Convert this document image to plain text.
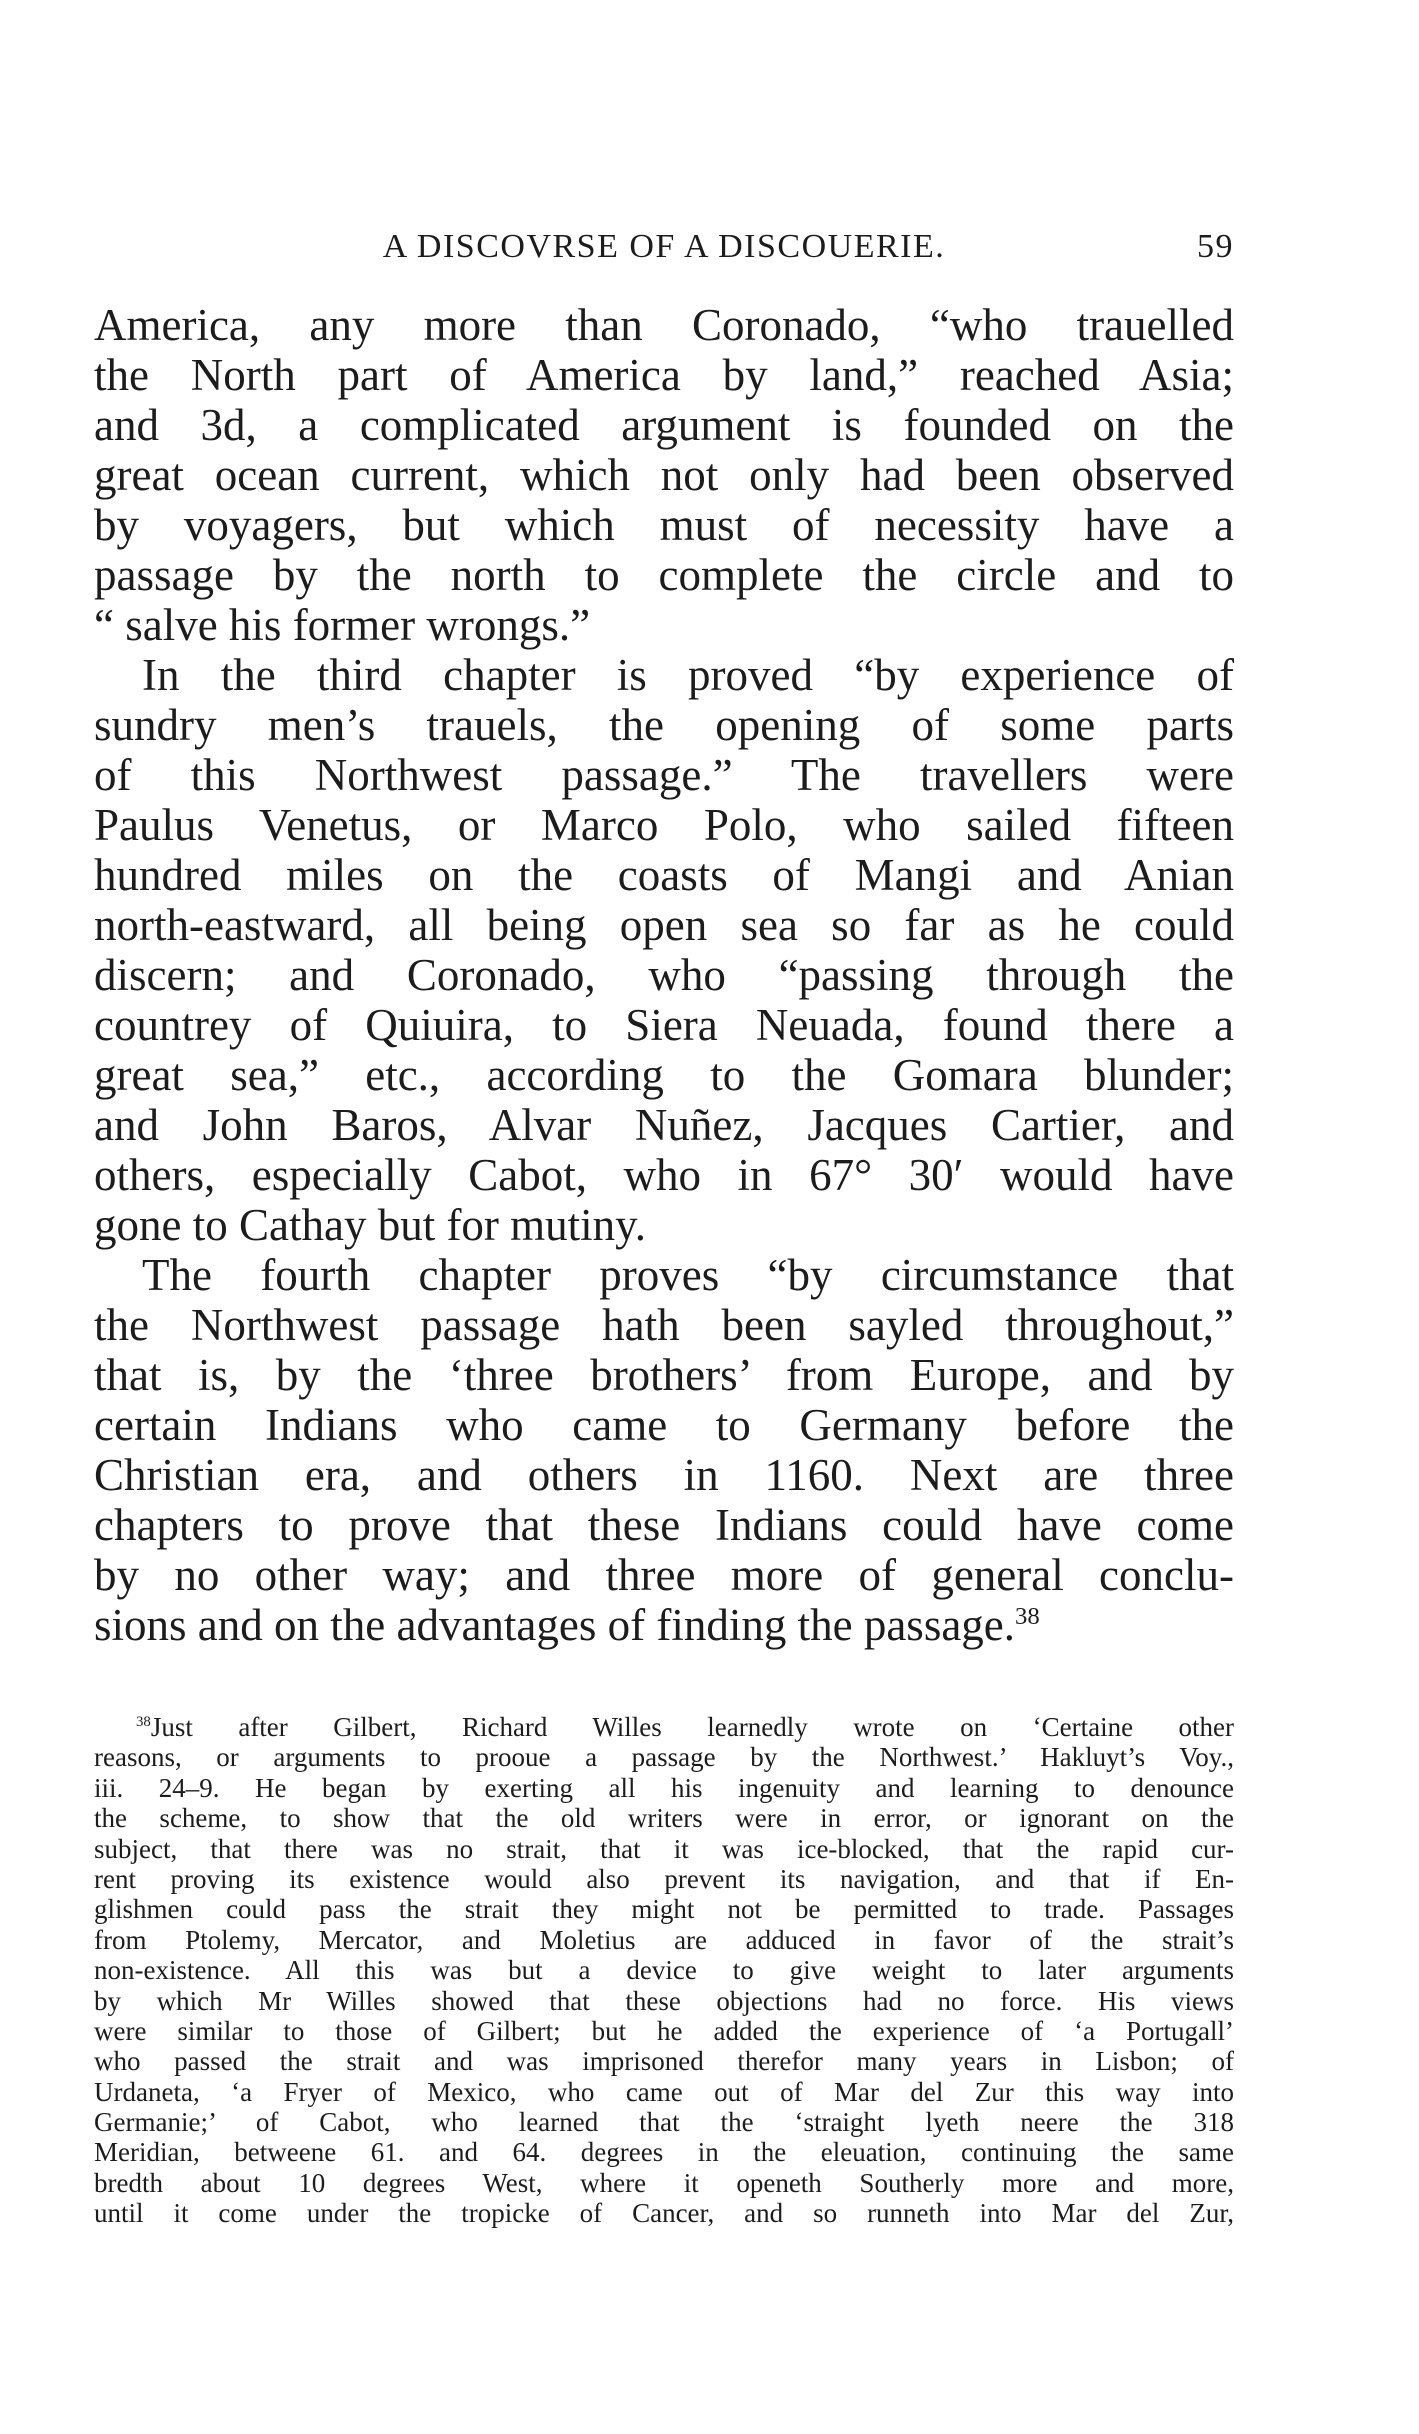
A DISCOVRSE OF A DISCOUERIE.	59
America, any more than Coronado, “who trauelled
the North part of America by land,” reached Asia;
and 3d, a complicated argument is founded on the
great ocean current, which not only had been observed
by voyagers, but which must of necessity have a
passage by the north to complete the circle and to
“ salve his former wrongs.”
In the third chapter is proved “by experience of
sundry men’s trauels, the opening of some parts
of this Northwest passage.” The travellers were
Paulus Venetus, or Marco Polo, who sailed fifteen
hundred miles on the coasts of Mangi and Anian
north-eastward, all being open sea so far as he could
discern; and Coronado, who “passing through the
countrey of Quiuira, to Siera Neuada, found there a
great sea,” etc., according to the Gomara blunder;
and John Baros, Alvar Nuñez, Jacques Cartier, and
others, especially Cabot, who in 67° 30′ would have
gone to Cathay but for mutiny.
The fourth chapter proves “by circumstance that
the Northwest passage hath been sayled throughout,”
that is, by the ‘three brothers’ from Europe, and by
certain Indians who came to Germany before the
Christian era, and others in 1160. Next are three
chapters to prove that these Indians could have come
by no other way; and three more of general conclu-
sions and on the advantages of finding the passage.$^{38}$
$^{38}$Just after Gilbert, Richard Willes learnedly wrote on ‘Certaine other
reasons, or arguments to prooue a passage by the Northwest.’ Hakluyt’s Voy.,
iii. 24–9. He began by exerting all his ingenuity and learning to denounce
the scheme, to show that the old writers were in error, or ignorant on the
subject, that there was no strait, that it was ice-blocked, that the rapid cur-
rent proving its existence would also prevent its navigation, and that if En-
glishmen could pass the strait they might not be permitted to trade. Passages
from Ptolemy, Mercator, and Moletius are adduced in favor of the strait’s
non-existence. All this was but a device to give weight to later arguments
by which Mr Willes showed that these objections had no force. His views
were similar to those of Gilbert; but he added the experience of ‘a Portugall’
who passed the strait and was imprisoned therefor many years in Lisbon; of
Urdaneta, ‘a Fryer of Mexico, who came out of Mar del Zur this way into
Germanie;’ of Cabot, who learned that the ‘straight lyeth neere the 318
Meridian, betweene 61. and 64. degrees in the eleuation, continuing the same
bredth about 10 degrees West, where it openeth Southerly more and more,
until it come under the tropicke of Cancer, and so runneth into Mar del Zur,
